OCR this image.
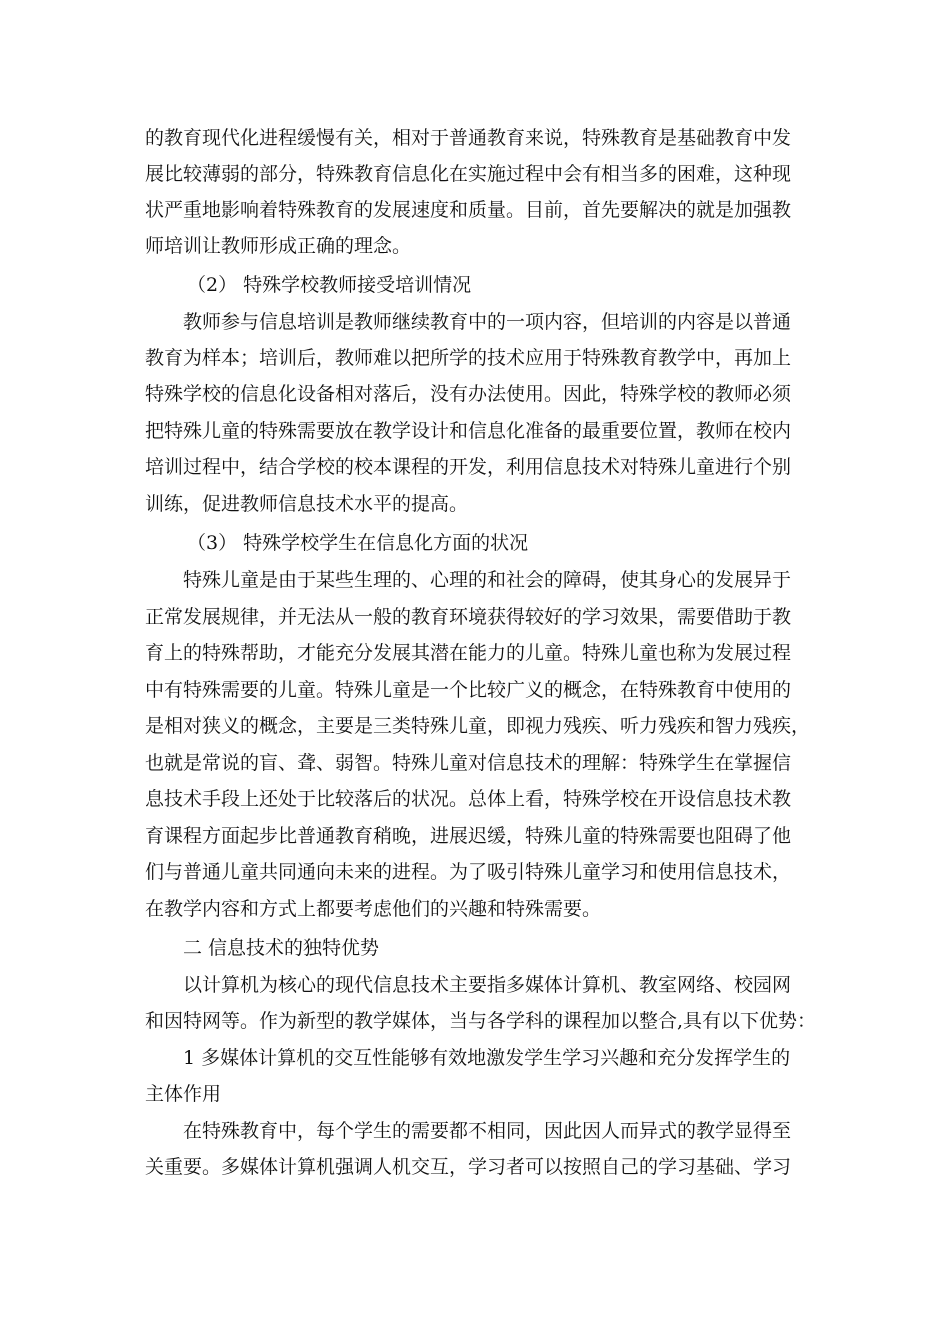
的教育现代化进程缓慢有关，相对于普通教育来说，特殊教育是基础教育中发
展比较薄弱的部分，特殊教育信息化在实施过程中会有相当多的困难，这种现
状严重地影响着特殊教育的发展速度和质量。目前，首先要解决的就是加强教
师培训让教师形成正确的理念。
（2） 特殊学校教师接受培训情况
教师参与信息培训是教师继续教育中的一项内容，但培训的内容是以普通
教育为样本；培训后，教师难以把所学的技术应用于特殊教育教学中，再加上
特殊学校的信息化设备相对落后，没有办法使用。因此，特殊学校的教师必须
把特殊儿童的特殊需要放在教学设计和信息化准备的最重要位置，教师在校内
培训过程中，结合学校的校本课程的开发，利用信息技术对特殊儿童进行个别
训练，促进教师信息技术水平的提高。
（3） 特殊学校学生在信息化方面的状况
特殊儿童是由于某些生理的、心理的和社会的障碍，使其身心的发展异于
正常发展规律，并无法从一般的教育环境获得较好的学习效果，需要借助于教
育上的特殊帮助，才能充分发展其潜在能力的儿童。特殊儿童也称为发展过程
中有特殊需要的儿童。特殊儿童是一个比较广义的概念，在特殊教育中使用的
是相对狭义的概念，主要是三类特殊儿童，即视力残疾、听力残疾和智力残疾，
也就是常说的盲、聋、弱智。特殊儿童对信息技术的理解：特殊学生在掌握信
息技术手段上还处于比较落后的状况。总体上看，特殊学校在开设信息技术教
育课程方面起步比普通教育稍晚，进展迟缓，特殊儿童的特殊需要也阻碍了他
们与普通儿童共同通向未来的进程。为了吸引特殊儿童学习和使用信息技术，
在教学内容和方式上都要考虑他们的兴趣和特殊需要。
二 信息技术的独特优势
以计算机为核心的现代信息技术主要指多媒体计算机、教室网络、校园网
和因特网等。作为新型的教学媒体，当与各学科的课程加以整合,具有以下优势：
1 多媒体计算机的交互性能够有效地激发学生学习兴趣和充分发挥学生的
主体作用
在特殊教育中，每个学生的需要都不相同，因此因人而异式的教学显得至
关重要。多媒体计算机强调人机交互，学习者可以按照自己的学习基础、学习
